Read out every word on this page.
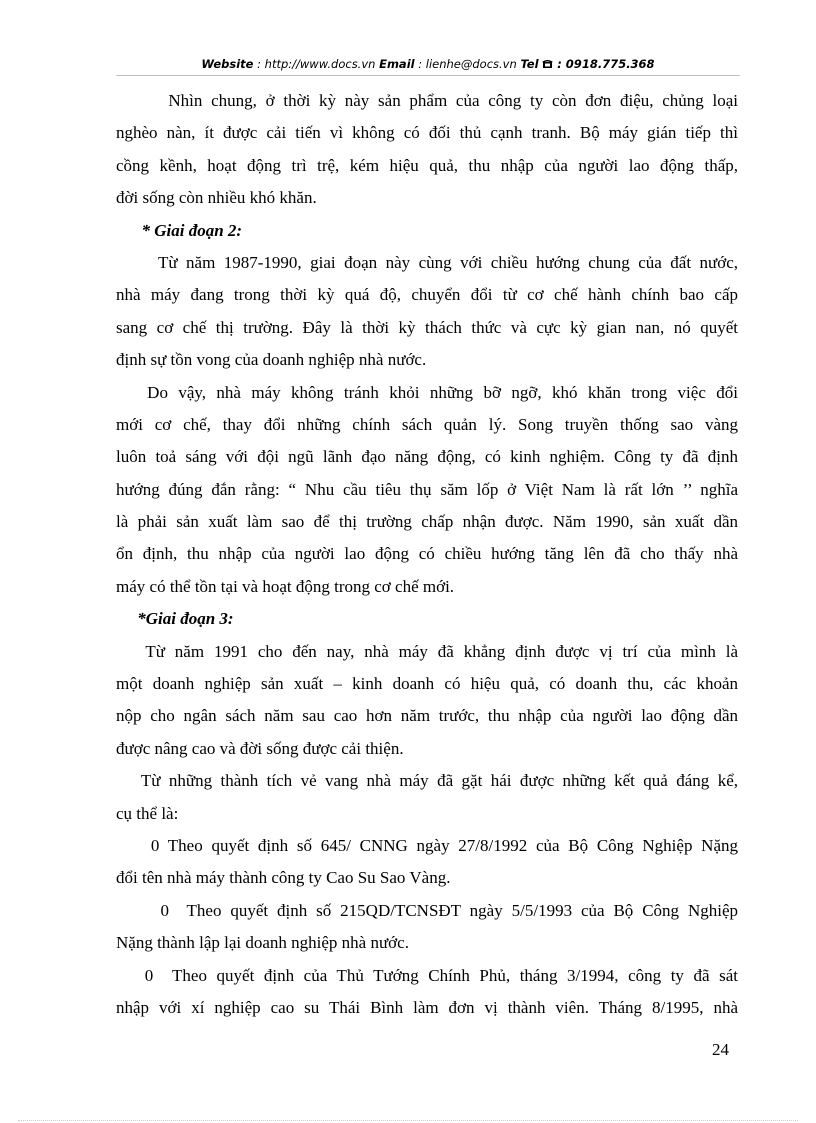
Website : http://www.docs.vn Email : lienhe@docs.vn Tel  : 0918.775.368
Nhìn chung, ở thời kỳ này sản phẩm của công ty còn đơn điệu, chủng loại
nghèo nàn, ít được cải tiến vì không có đối thủ cạnh tranh. Bộ máy gián tiếp thì
cồng kềnh, hoạt động trì trệ, kém hiệu quả, thu nhập của người lao động thấp,
đời sống còn nhiều khó khăn.
* Giai đoạn 2:
Từ năm 1987-1990, giai đoạn này cùng với chiều hướng chung của đất nước,
nhà máy đang trong thời kỳ quá độ, chuyển đổi từ cơ chế hành chính bao cấp
sang cơ chế thị trường. Đây là thời kỳ thách thức và cực kỳ gian nan, nó quyết
định sự tồn vong của doanh nghiệp nhà nước.
Do vậy, nhà máy không tránh khỏi những bỡ ngỡ, khó khăn trong việc đổi
mới cơ chế, thay đổi những chính sách quản lý. Song truyền thống sao vàng
luôn toả sáng với đội ngũ lãnh đạo năng động, có kinh nghiệm. Công ty đã định
hướng đúng đắn rằng: “ Nhu cầu tiêu thụ săm lốp ở Việt Nam là rất lớn ’’ nghĩa
là phải sản xuất làm sao để thị trường chấp nhận được. Năm 1990, sản xuất dần
ổn định, thu nhập của người lao động có chiều hướng tăng lên đã cho thấy nhà
máy có thể tồn tại và hoạt động trong cơ chế mới.
*Giai đoạn 3:
Từ năm 1991 cho đến nay, nhà máy đã khẳng định được vị trí của mình là
một doanh nghiệp sản xuất – kinh doanh có hiệu quả, có doanh thu, các khoản
nộp cho ngân sách năm sau cao hơn năm trước, thu nhập của người lao động dần
được nâng cao và đời sống được cải thiện.
Từ những thành tích vẻ vang nhà máy đã gặt hái được những kết quả đáng kể,
cụ thể là:
0 Theo quyết định số 645/ CNNG ngày 27/8/1992 của Bộ Công Nghiệp Nặng
đổi tên nhà máy thành công ty Cao Su Sao Vàng.
0  Theo quyết định số 215QD/TCNSĐT ngày 5/5/1993 của Bộ Công Nghiệp
Nặng thành lập lại doanh nghiệp nhà nước.
0  Theo quyết định của Thủ Tướng Chính Phủ, tháng 3/1994, công ty đã sát
nhập với xí nghiệp cao su Thái Bình làm đơn vị thành viên. Tháng 8/1995, nhà
24
